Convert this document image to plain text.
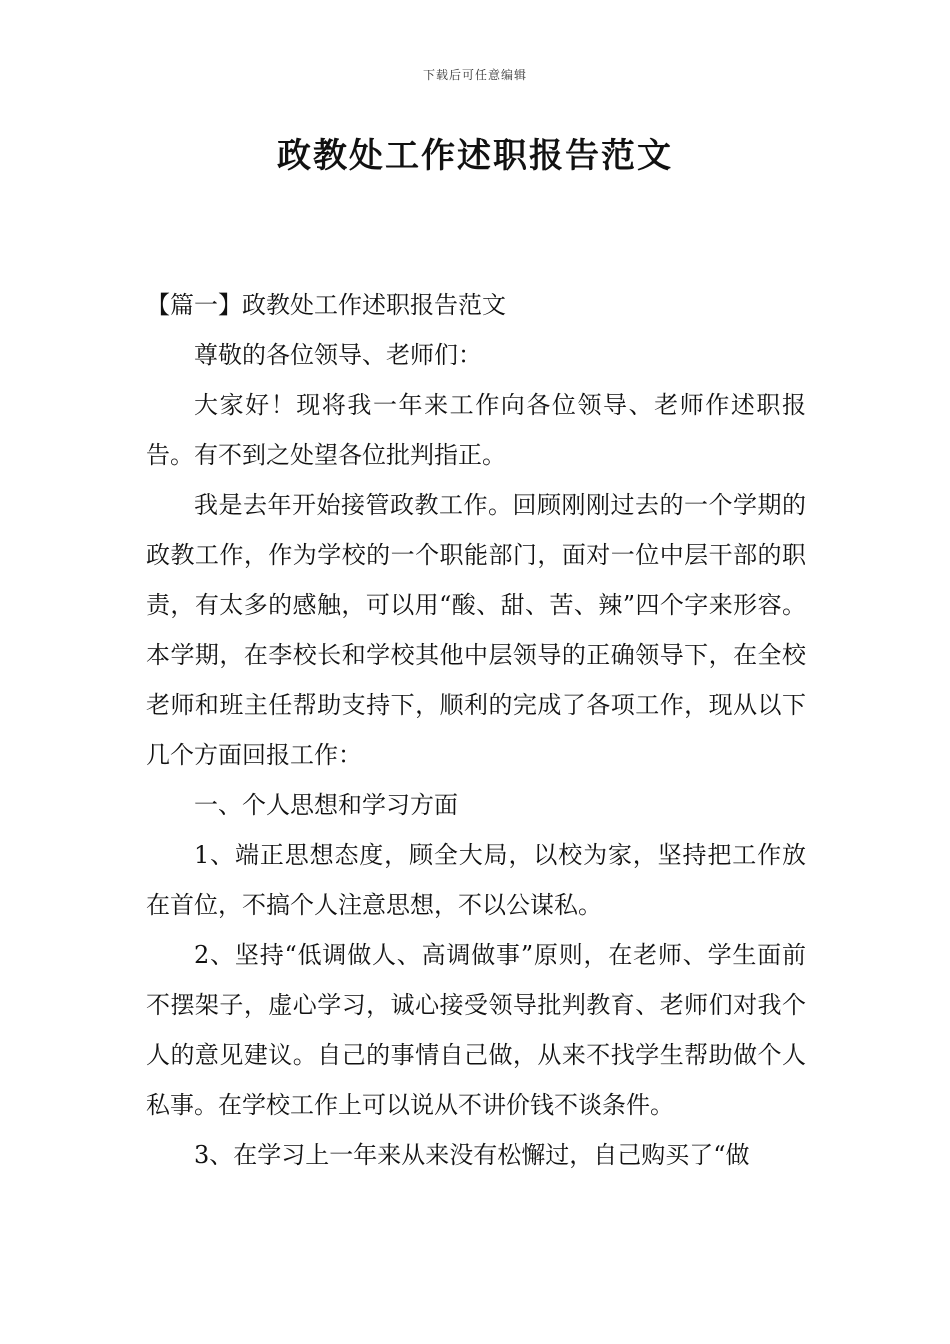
下载后可任意编辑
政教处工作述职报告范文

【篇一】政教处工作述职报告范文

尊敬的各位领导、老师们：

大家好！现将我一年来工作向各位领导、老师作述职报告。有不到之处望各位批判指正。

我是去年开始接管政教工作。回顾刚刚过去的一个学期的政教工作，作为学校的一个职能部门，面对一位中层干部的职责，有太多的感触，可以用“酸、甜、苦、辣”四个字来形容。本学期，在李校长和学校其他中层领导的正确领导下，在全校老师和班主任帮助支持下，顺利的完成了各项工作，现从以下几个方面回报工作：

一、个人思想和学习方面

1、端正思想态度，顾全大局，以校为家，坚持把工作放在首位，不搞个人注意思想，不以公谋私。

2、坚持“低调做人、高调做事”原则，在老师、学生面前不摆架子，虚心学习，诚心接受领导批判教育、老师们对我个人的意见建议。自己的事情自己做，从来不找学生帮助做个人私事。在学校工作上可以说从不讲价钱不谈条件。

3、在学习上一年来从来没有松懈过，自己购买了“做
